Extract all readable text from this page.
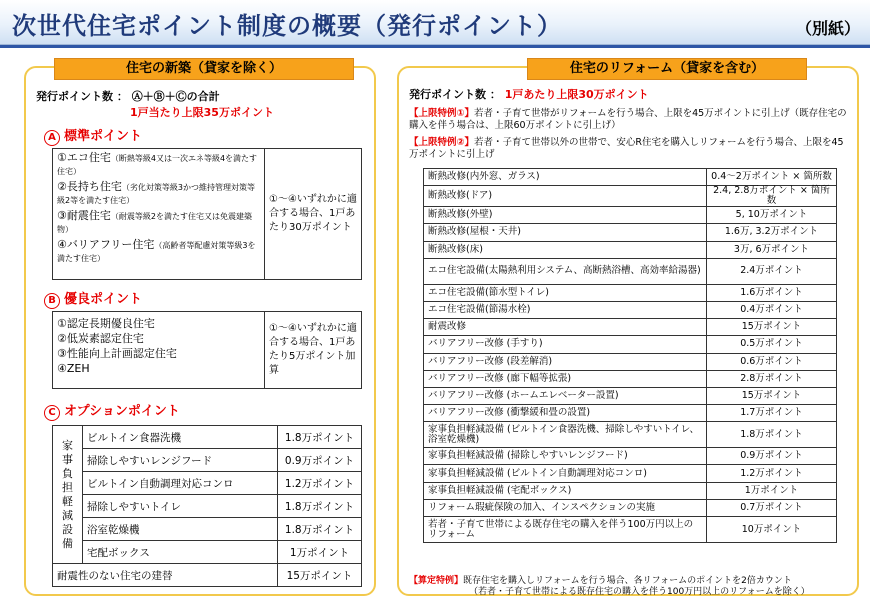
次世代住宅ポイント制度の概要（発行ポイント）	（別紙）
住宅の新築（貸家を除く）
発行ポイント数 ： Ⓐ＋Ⓑ＋Ⓒの合計
1戸当たり上限35万ポイント
A 標準ポイント
①エコ住宅（断熱等級4又は一次エネ等級4を満たす住宅）
②長持ち住宅（劣化対策等級3かつ維持管理対策等級2等を満たす住宅）
③耐震住宅（耐震等級2を満たす住宅又は免震建築物）
④バリアフリー住宅（高齢者等配慮対策等級3を満たす住宅）
①～④いずれかに適合する場合、1戸あたり30万ポイント
B 優良ポイント
①認定長期優良住宅
②低炭素認定住宅
③性能向上計画認定住宅
④ZEH
①～④いずれかに適合する場合、1戸あたり5万ポイント加算
C オプションポイント
家事負担軽減設備	ビルトイン食器洗機	1.8万ポイント
	掃除しやすいレンジフード	0.9万ポイント
	ビルトイン自動調理対応コンロ	1.2万ポイント
	掃除しやすいトイレ	1.8万ポイント
	浴室乾燥機	1.8万ポイント
	宅配ボックス	1万ポイント
耐震性のない住宅の建替		15万ポイント
住宅のリフォーム（貸家を含む）
発行ポイント数 ： 1戸あたり上限30万ポイント
【上限特例①】若者・子育て世帯がリフォームを行う場合、上限を45万ポイントに引上げ（既存住宅の購入を伴う場合は、上限60万ポイントに引上げ）
【上限特例②】若者・子育て世帯以外の世帯で、安心R住宅を購入しリフォームを行う場合、上限を45万ポイントに引上げ
断熱改修(内外窓、ガラス)	0.4～2万ポイント × 箇所数
断熱改修(ドア)	2.4, 2.8万ポイント × 箇所数
断熱改修(外壁)	5, 10万ポイント
断熱改修(屋根・天井)	1.6万, 3.2万ポイント
断熱改修(床)	3万, 6万ポイント
エコ住宅設備(太陽熱利用システム、高断熱浴槽、高効率給湯器)	2.4万ポイント
エコ住宅設備(節水型トイレ)	1.6万ポイント
エコ住宅設備(節湯水栓)	0.4万ポイント
耐震改修	15万ポイント
バリアフリー改修 (手すり)	0.5万ポイント
バリアフリー改修 (段差解消)	0.6万ポイント
バリアフリー改修 (廊下幅等拡張)	2.8万ポイント
バリアフリー改修 (ホームエレベーター設置)	15万ポイント
バリアフリー改修 (衝撃緩和畳の設置)	1.7万ポイント
家事負担軽減設備 (ビルトイン食器洗機、掃除しやすいトイレ、浴室乾燥機)	1.8万ポイント
家事負担軽減設備 (掃除しやすいレンジフード)	0.9万ポイント
家事負担軽減設備 (ビルトイン自動調理対応コンロ)	1.2万ポイント
家事負担軽減設備 (宅配ボックス)	1万ポイント
リフォーム瑕疵保険の加入、インスペクションの実施	0.7万ポイント
若者・子育て世帯による既存住宅の購入を伴う100万円以上のリフォーム	10万ポイント
【算定特例】既存住宅を購入しリフォームを行う場合、各リフォームのポイントを2倍カウント
（若者・子育て世帯による既存住宅の購入を伴う100万円以上のリフォームを除く）
